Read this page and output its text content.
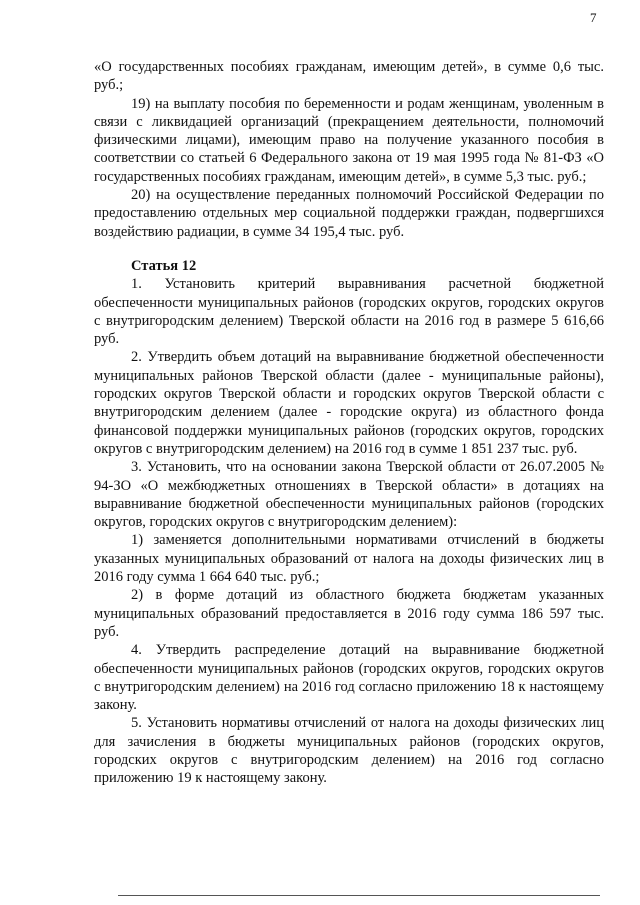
7

«О государственных пособиях гражданам, имеющим детей», в сумме 0,6 тыс. руб.;

19) на выплату пособия по беременности и родам женщинам, уволенным в связи с ликвидацией организаций (прекращением деятельности, полномочий физическими лицами), имеющим право на получение указанного пособия в соответствии со статьей 6 Федерального закона от 19 мая 1995 года № 81-ФЗ «О государственных пособиях гражданам, имеющим детей», в сумме 5,3 тыс. руб.;

20) на осуществление переданных полномочий Российской Федерации по предоставлению отдельных мер социальной поддержки граждан, подвергшихся воздействию радиации, в сумме 34 195,4 тыс. руб.

Статья 12

1. Установить критерий выравнивания расчетной бюджетной обеспеченности муниципальных районов (городских округов, городских округов с внутригородским делением) Тверской области на 2016 год в размере 5 616,66 руб.

2. Утвердить объем дотаций на выравнивание бюджетной обеспеченности муниципальных районов Тверской области (далее - муниципальные районы), городских округов Тверской области и городских округов Тверской области с внутригородским делением (далее - городские округа) из областного фонда финансовой поддержки муниципальных районов (городских округов, городских округов с внутригородским делением) на 2016 год в сумме 1 851 237 тыс. руб.

3. Установить, что на основании закона Тверской области от 26.07.2005 № 94-ЗО «О межбюджетных отношениях в Тверской области» в дотациях на выравнивание бюджетной обеспеченности муниципальных районов (городских округов, городских округов с внутригородским делением):

1) заменяется дополнительными нормативами отчислений в бюджеты указанных муниципальных образований от налога на доходы физических лиц в 2016 году сумма 1 664 640 тыс. руб.;

2) в форме дотаций из областного бюджета бюджетам указанных муниципальных образований предоставляется в 2016 году сумма 186 597 тыс. руб.

4. Утвердить распределение дотаций на выравнивание бюджетной обеспеченности муниципальных районов (городских округов, городских округов с внутригородским делением) на 2016 год согласно приложению 18 к настоящему закону.

5. Установить нормативы отчислений от налога на доходы физических лиц для зачисления в бюджеты муниципальных районов (городских округов, городских округов с внутригородским делением) на 2016 год согласно приложению 19 к настоящему закону.
